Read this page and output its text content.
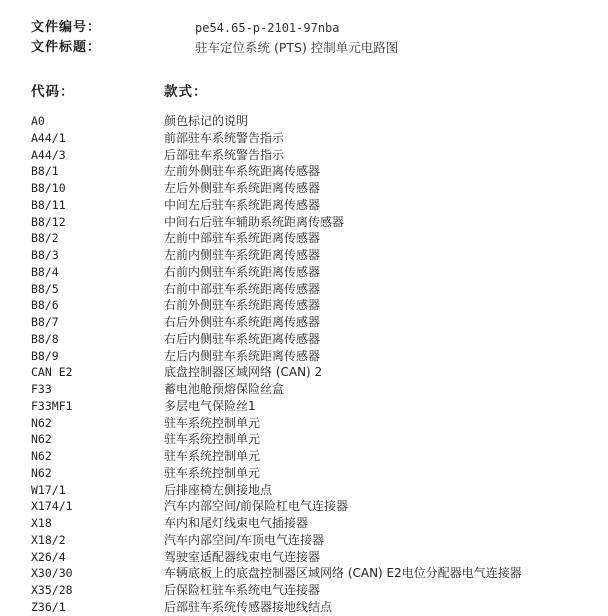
文件编号：	pe54.65-p-2101-97nba
文件标题：	驻车定位系统 (PTS) 控制单元电路图
代码：	款式：
A0	颜色标记的说明
A44/1	前部驻车系统警告指示
A44/3	后部驻车系统警告指示
B8/1	左前外侧驻车系统距离传感器
B8/10	左后外侧驻车系统距离传感器
B8/11	中间左后驻车系统距离传感器
B8/12	中间右后驻车辅助系统距离传感器
B8/2	左前中部驻车系统距离传感器
B8/3	左前内侧驻车系统距离传感器
B8/4	右前内侧驻车系统距离传感器
B8/5	右前中部驻车系统距离传感器
B8/6	右前外侧驻车系统距离传感器
B8/7	右后外侧驻车系统距离传感器
B8/8	右后内侧驻车系统距离传感器
B8/9	左后内侧驻车系统距离传感器
CAN E2	底盘控制器区域网络 (CAN) 2
F33	蓄电池舱预熔保险丝盒
F33MF1	多层电气保险丝1
N62	驻车系统控制单元
N62	驻车系统控制单元
N62	驻车系统控制单元
N62	驻车系统控制单元
W17/1	后排座椅左侧接地点
X174/1	汽车内部空间/前保险杠电气连接器
X18	车内和尾灯线束电气插接器
X18/2	汽车内部空间/车顶电气连接器
X26/4	驾驶室适配器线束电气连接器
X30/30	车辆底板上的底盘控制器区域网络 (CAN) E2电位分配器电气连接器
X35/28	后保险杠驻车系统电气连接器
Z36/1	后部驻车系统传感器接地线结点
